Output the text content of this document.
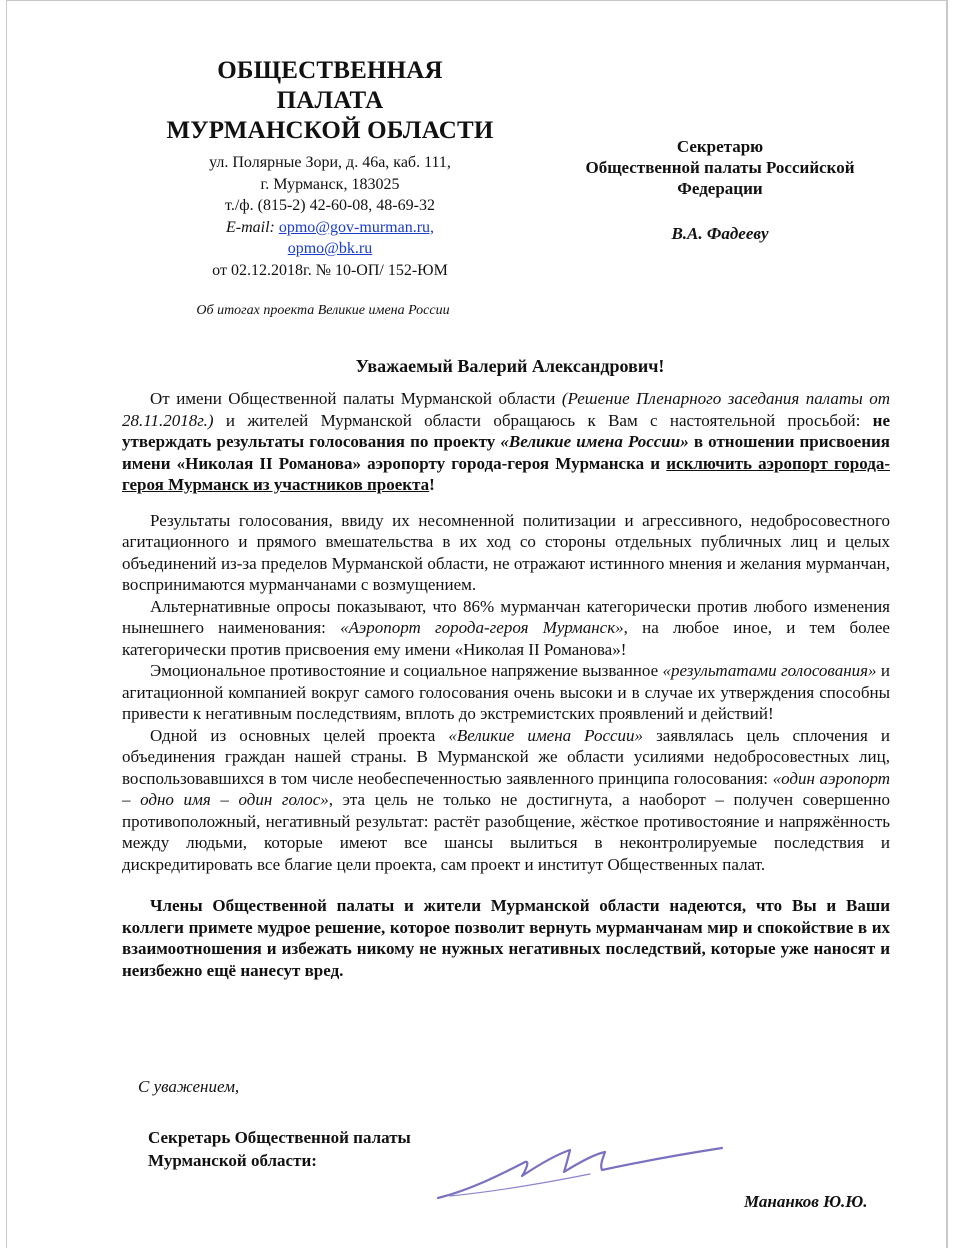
ОБЩЕСТВЕННАЯ
ПАЛАТА
МУРМАНСКОЙ ОБЛАСТИ
ул. Полярные Зори, д. 46а, каб. 111,
г. Мурманск, 183025
т./ф. (815-2) 42-60-08, 48-69-32
E-mail: opmo@gov-murman.ru,
opmo@bk.ru
от 02.12.2018г. № 10-ОП/ 152-ЮМ
Об итогах проекта Великие имена России
Секретарю
Общественной палаты Российской
Федерации
В.А. Фадееву
Уважаемый Валерий Александрович!

От имени Общественной палаты Мурманской области (Решение Пленарного заседания палаты от 28.11.2018г.) и жителей Мурманской области обращаюсь к Вам с настоятельной просьбой: не утверждать результаты голосования по проекту «Великие имена России» в отношении присвоения имени «Николая II Романова» аэропорту города-героя Мурманска и исключить аэропорт города-героя Мурманск из участников проекта!

Результаты голосования, ввиду их несомненной политизации и агрессивного, недобросовестного агитационного и прямого вмешательства в их ход со стороны отдельных публичных лиц и целых объединений из-за пределов Мурманской области, не отражают истинного мнения и желания мурманчан, воспринимаются мурманчанами с возмущением.

Альтернативные опросы показывают, что 86% мурманчан категорически против любого изменения нынешнего наименования: «Аэропорт города-героя Мурманск», на любое иное, и тем более категорически против присвоения ему имени «Николая II Романова»!

Эмоциональное противостояние и социальное напряжение вызванное «результатами голосования» и агитационной компанией вокруг самого голосования очень высоки и в случае их утверждения способны привести к негативным последствиям, вплоть до экстремистских проявлений и действий!

Одной из основных целей проекта «Великие имена России» заявлялась цель сплочения и объединения граждан нашей страны. В Мурманской же области усилиями недобросовестных лиц, воспользовавшихся в том числе необеспеченностью заявленного принципа голосования: «один аэропорт – одно имя – один голос», эта цель не только не достигнута, а наоборот – получен совершенно противоположный, негативный результат: растёт разобщение, жёсткое противостояние и напряжённость между людьми, которые имеют все шансы вылиться в неконтролируемые последствия и дискредитировать все благие цели проекта, сам проект и институт Общественных палат.

Члены Общественной палаты и жители Мурманской области надеются, что Вы и Ваши коллеги примете мудрое решение, которое позволит вернуть мурманчанам мир и спокойствие в их взаимоотношения и избежать никому не нужных негативных последствий, которые уже наносят и неизбежно ещё нанесут вред.

С уважением,
Секретарь Общественной палаты
Мурманской области:
Мананков Ю.Ю.
